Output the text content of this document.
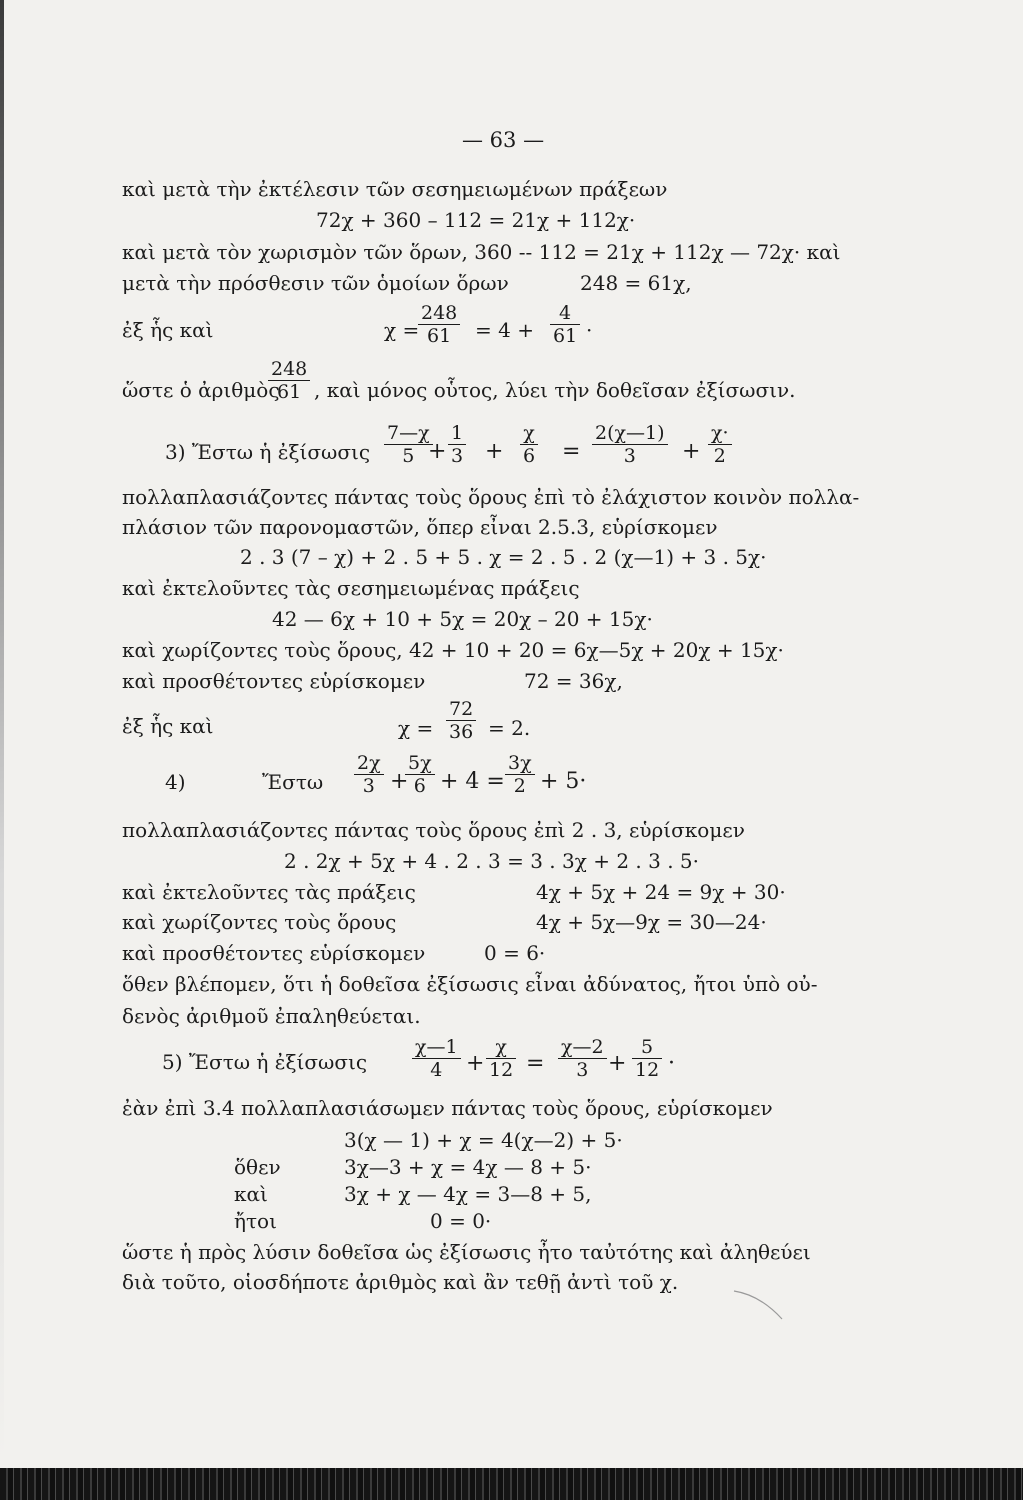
— 63 —
καὶ μετὰ τὴν ἐκτέλεσιν τῶν σεσημειωμένων πράξεων
72χ + 360 – 112 = 21χ + 112χ·
καὶ μετὰ τὸν χωρισμὸν τῶν ὅρων, 360 -- 112 = 21χ + 112χ — 72χ· καὶ
μετὰ τὴν πρόσθεσιν τῶν ὁμοίων ὅρων	248 = 61χ,
ἐξ ἧς καὶ	χ =
$\frac{248}{61} = 4 + \frac{4}{61}$ ·
ὥστε ὁ ἀριθμὸς
$\frac{248}{61}$ , καὶ μόνος οὗτος, λύει τὴν δοθεῖσαν ἐξίσωσιν.
3) Ἔστω ἡ ἐξίσωσις $\frac{7—\chi}{5}$
+ $\frac{1}{3} + \frac{\chi}{6} = \frac{2(\chi—1)}{3} + \frac{\chi\cdot}{2}$
πολλαπλασιάζοντες πάντας τοὺς ὅρους ἐπὶ τὸ ἐλάχιστον κοινὸν πολλα-
πλάσιον τῶν παρονομαστῶν, ὅπερ εἶναι 2.5.3, εὑρίσκομεν
2 . 3 (7 – χ) + 2 . 5 + 5 . χ = 2 . 5 . 2 (χ—1) + 3 . 5χ·
καὶ ἐκτελοῦντες τὰς σεσημειωμένας πράξεις
42 — 6χ + 10 + 5χ = 20χ – 20 + 15χ·
καὶ χωρίζοντες τοὺς ὅρους, 42 + 10 + 20 = 6χ—5χ + 20χ + 15χ·
καὶ προσθέτοντες εὑρίσκομεν	72 = 36χ,
ἐξ ἧς καὶ	$\chi = \frac{72}{36} = 2$.
4)	Ἔστω $\frac{2\chi}{3}$ +
$\frac{5\chi}{6} + 4 = \frac{3\chi}{2} + 5\cdot$
πολλαπλασιάζοντες πάντας τοὺς ὅρους ἐπὶ 2 . 3, εὑρίσκομεν
2 . 2χ + 5χ + 4 . 2 . 3 = 3 . 3χ + 2 . 3 . 5·
καὶ ἐκτελοῦντες τὰς πράξεις	4χ + 5χ + 24 = 9χ + 30·
καὶ χωρίζοντες τοὺς ὅρους	4χ + 5χ—9χ = 30—24·
καὶ προσθέτοντες εὑρίσκομεν	0 = 6·
ὅθεν βλέπομεν, ὅτι ἡ δοθεῖσα ἐξίσωσις εἶναι ἀδύνατος, ἤτοι ὑπὸ οὐ-
δενὸς ἀριθμοῦ ἐπαληθεύεται.
5) Ἔστω ἡ ἐξίσωσις $\frac{\chi—1}{4} + \frac{\chi}{12} = \frac{\chi—2}{3} + \frac{5}{12}$ ·
ἐὰν ἐπὶ 3.4 πολλαπλασιάσωμεν πάντας τοὺς ὅρους, εὑρίσκομεν
3(χ — 1) + χ = 4(χ—2) + 5·
ὅθεν	3χ—3 + χ = 4χ — 8 + 5·
καὶ	3χ + χ — 4χ = 3—8 + 5,
ἤτοι	0 = 0·
ὥστε ἡ πρὸς λύσιν δοθεῖσα ὡς ἐξίσωσις ἦτο ταὐτότης καὶ ἀληθεύει
διὰ τοῦτο, οἱοσδήποτε ἀριθμὸς καὶ ἂν τεθῇ ἀντὶ τοῦ χ.
